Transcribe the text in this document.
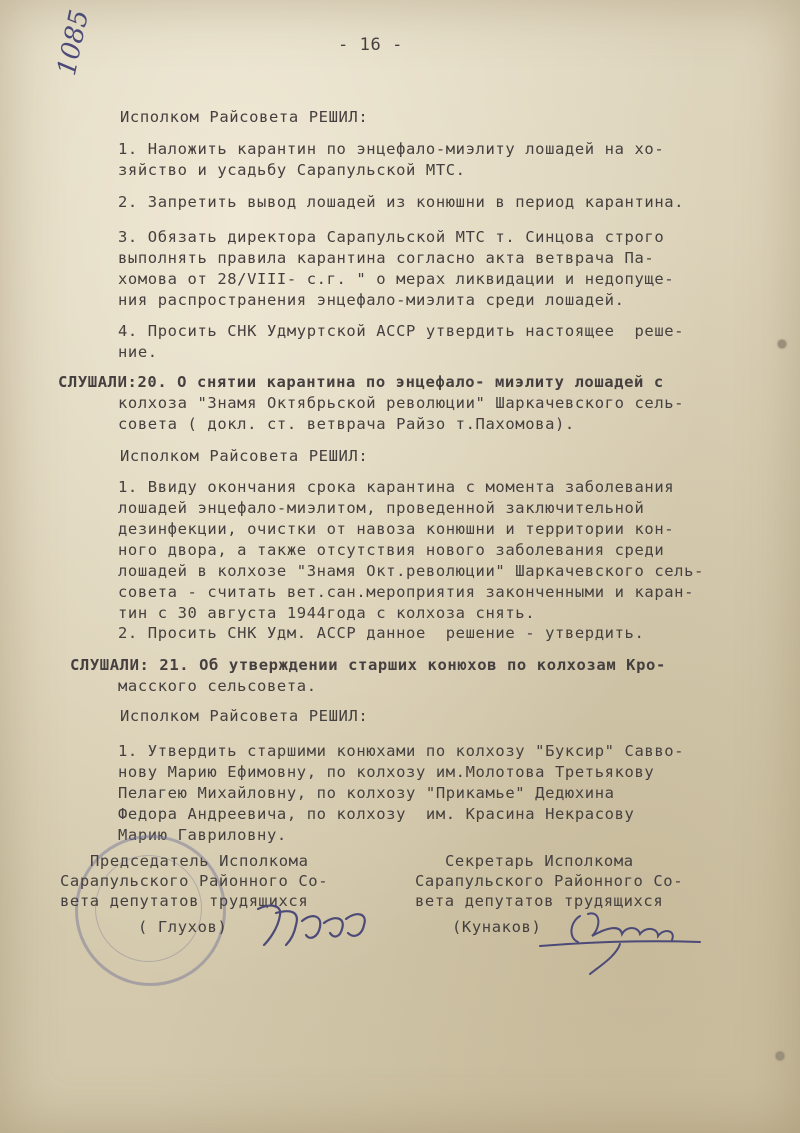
- 16 -
1085
Исполком Райсовета РЕШИЛ:
1. Наложить карантин по энцефало-миэлиту лошадей на хо-
зяйство и усадьбу Сарапульской МТС.
2. Запретить вывод лошадей из конюшни в период карантина.
3. Обязать директора Сарапульской МТС т. Синцова строго
выполнять правила карантина согласно акта ветврача Па-
хомова от 28/VIII- с.г. " о мерах ликвидации и недопуще-
ния распространения энцефало-миэлита среди лошадей.
4. Просить СНК Удмуртской АССР утвердить настоящее  реше-
ние.
СЛУШАЛИ:20. О снятии карантина по энцефало- миэлиту лошадей с
колхоза "Знамя Октябрьской революции" Шаркачевского сель-
совета ( докл. ст. ветврача Райзо т.Пахомова).
Исполком Райсовета РЕШИЛ:
1. Ввиду окончания срока карантина с момента заболевания
лошадей энцефало-миэлитом, проведенной заключительной
дезинфекции, очистки от навоза конюшни и территории кон-
ного двора, а также отсутствия нового заболевания среди
лошадей в колхозе "Знамя Окт.революции" Шаркачевского сель-
совета - считать вет.сан.мероприятия законченными и каран-
тин с 30 августа 1944года с колхоза снять.
2. Просить СНК Удм. АССР данное  решение - утвердить.
СЛУШАЛИ: 21. Об утверждении старших конюхов по колхозам Кро-
масского сельсовета.
Исполком Райсовета РЕШИЛ:
1. Утвердить старшими конюхами по колхозу "Буксир" Савво-
нову Марию Ефимовну, по колхозу им.Молотова Третьякову
Пелагею Михайловну, по колхозу "Прикамье" Дедюхина
Федора Андреевича, по колхозу  им. Красина Некрасову
Марию Гавриловну.
Председатель Исполкома
Сарапульского Районного Со-
вета депутатов трудящихся
( Глухов)
Секретарь Исполкома
Сарапульского Районного Со-
вета депутатов трудящихся
(Кунаков)
